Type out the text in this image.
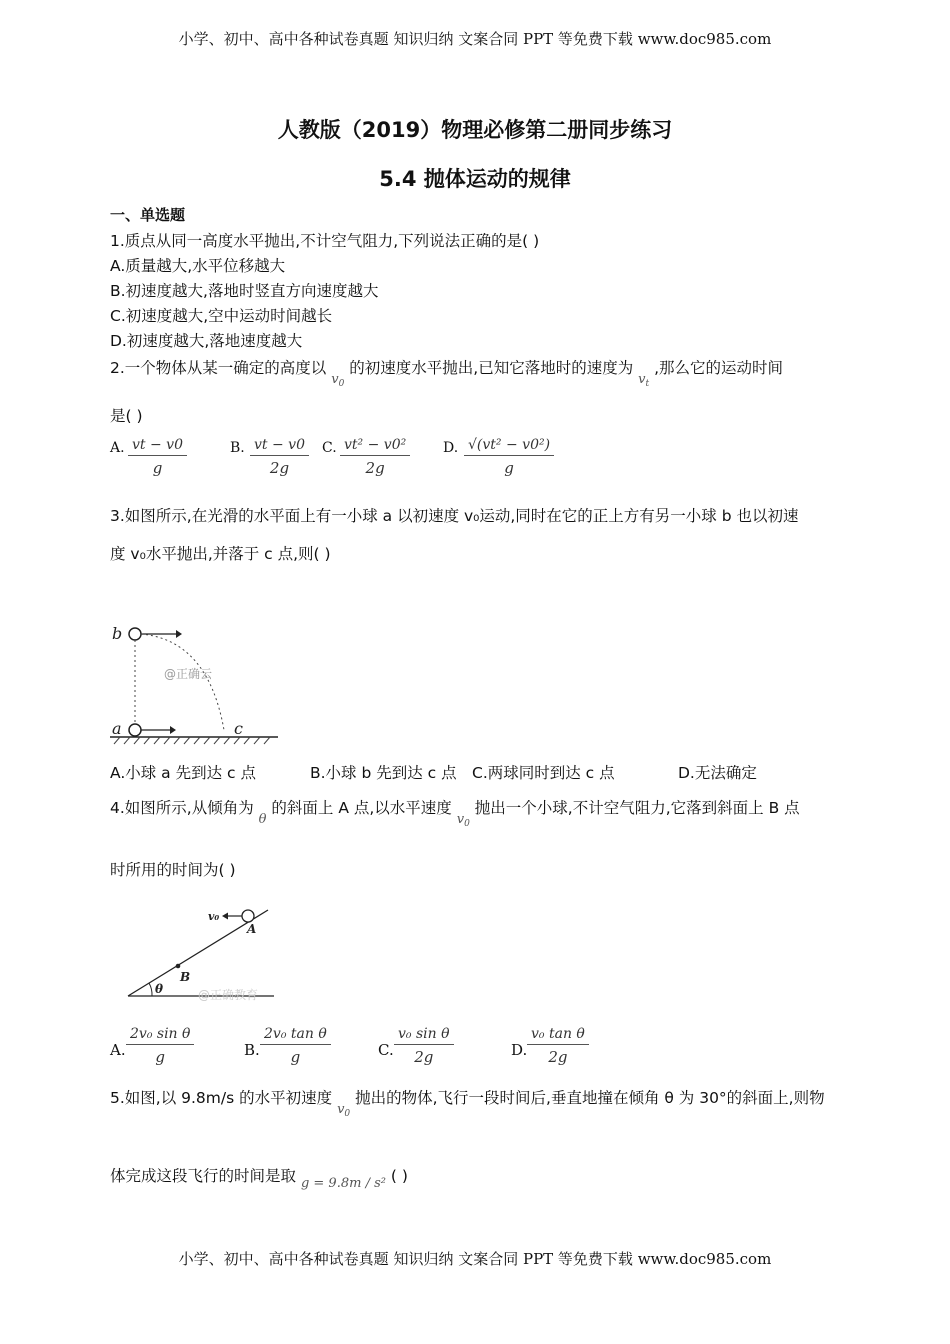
小学、初中、高中各种试卷真题 知识归纳 文案合同 PPT 等免费下载 www.doc985.com
小学、初中、高中各种试卷真题 知识归纳 文案合同 PPT 等免费下载 www.doc985.com
人教版（2019）物理必修第二册同步练习
5.4 抛体运动的规律
一、单选题
1.质点从同一高度水平抛出,不计空气阻力,下列说法正确的是( )
A.质量越大,水平位移越大
B.初速度越大,落地时竖直方向速度越大
C.初速度越大,空中运动时间越长
D.初速度越大,落地速度越大
2.一个物体从某一确定的高度以 $_{v_0}$ 的初速度水平抛出,已知它落地时的速度为 $_{v_t}$ ,那么它的运动时间
是( )
A. $\frac{vt - v0}{g}$	B. $\frac{vt - v0}{2g} C$. $\frac{\text{vt² − v0²}}{2g} D$. $\frac{\text{√(vt² − v0²)}}{g}$
3.如图所示,在光滑的水平面上有一小球 a 以初速度 v₀运动,同时在它的正上方有另一小球 b 也以初速
度 v₀水平抛出,并落于 c 点,则( )
b
a	c
@正确云
A.小球 a 先到达 c 点	B.小球 b 先到达 c 点 C.两球同时到达 c 点	D.无法确定
4.如图所示,从倾角为 $_\theta$ 的斜面上 A 点,以水平速度 $_{v_0}$ 抛出一个小球,不计空气阻力,它落到斜面上 B 点
时所用的时间为( )
v₀
A
B
θ	@正确教育
A. $\frac{\text{2v₀ sin θ}}{g}$	B. $\frac{\text{2v₀ tan θ}}{g}$	C. $\frac{\text{v₀ sin θ}}{2g}$	D. $\frac{\text{v₀ tan θ}}{2g}$
5.如图,以 9.8m/s 的水平初速度 $_{v_0}$ 抛出的物体,飞行一段时间后,垂直地撞在倾角 θ 为 30°的斜面上,则物
体完成这段飞行的时间是取 $_{g = 9.8m / s^2}$ ( )
